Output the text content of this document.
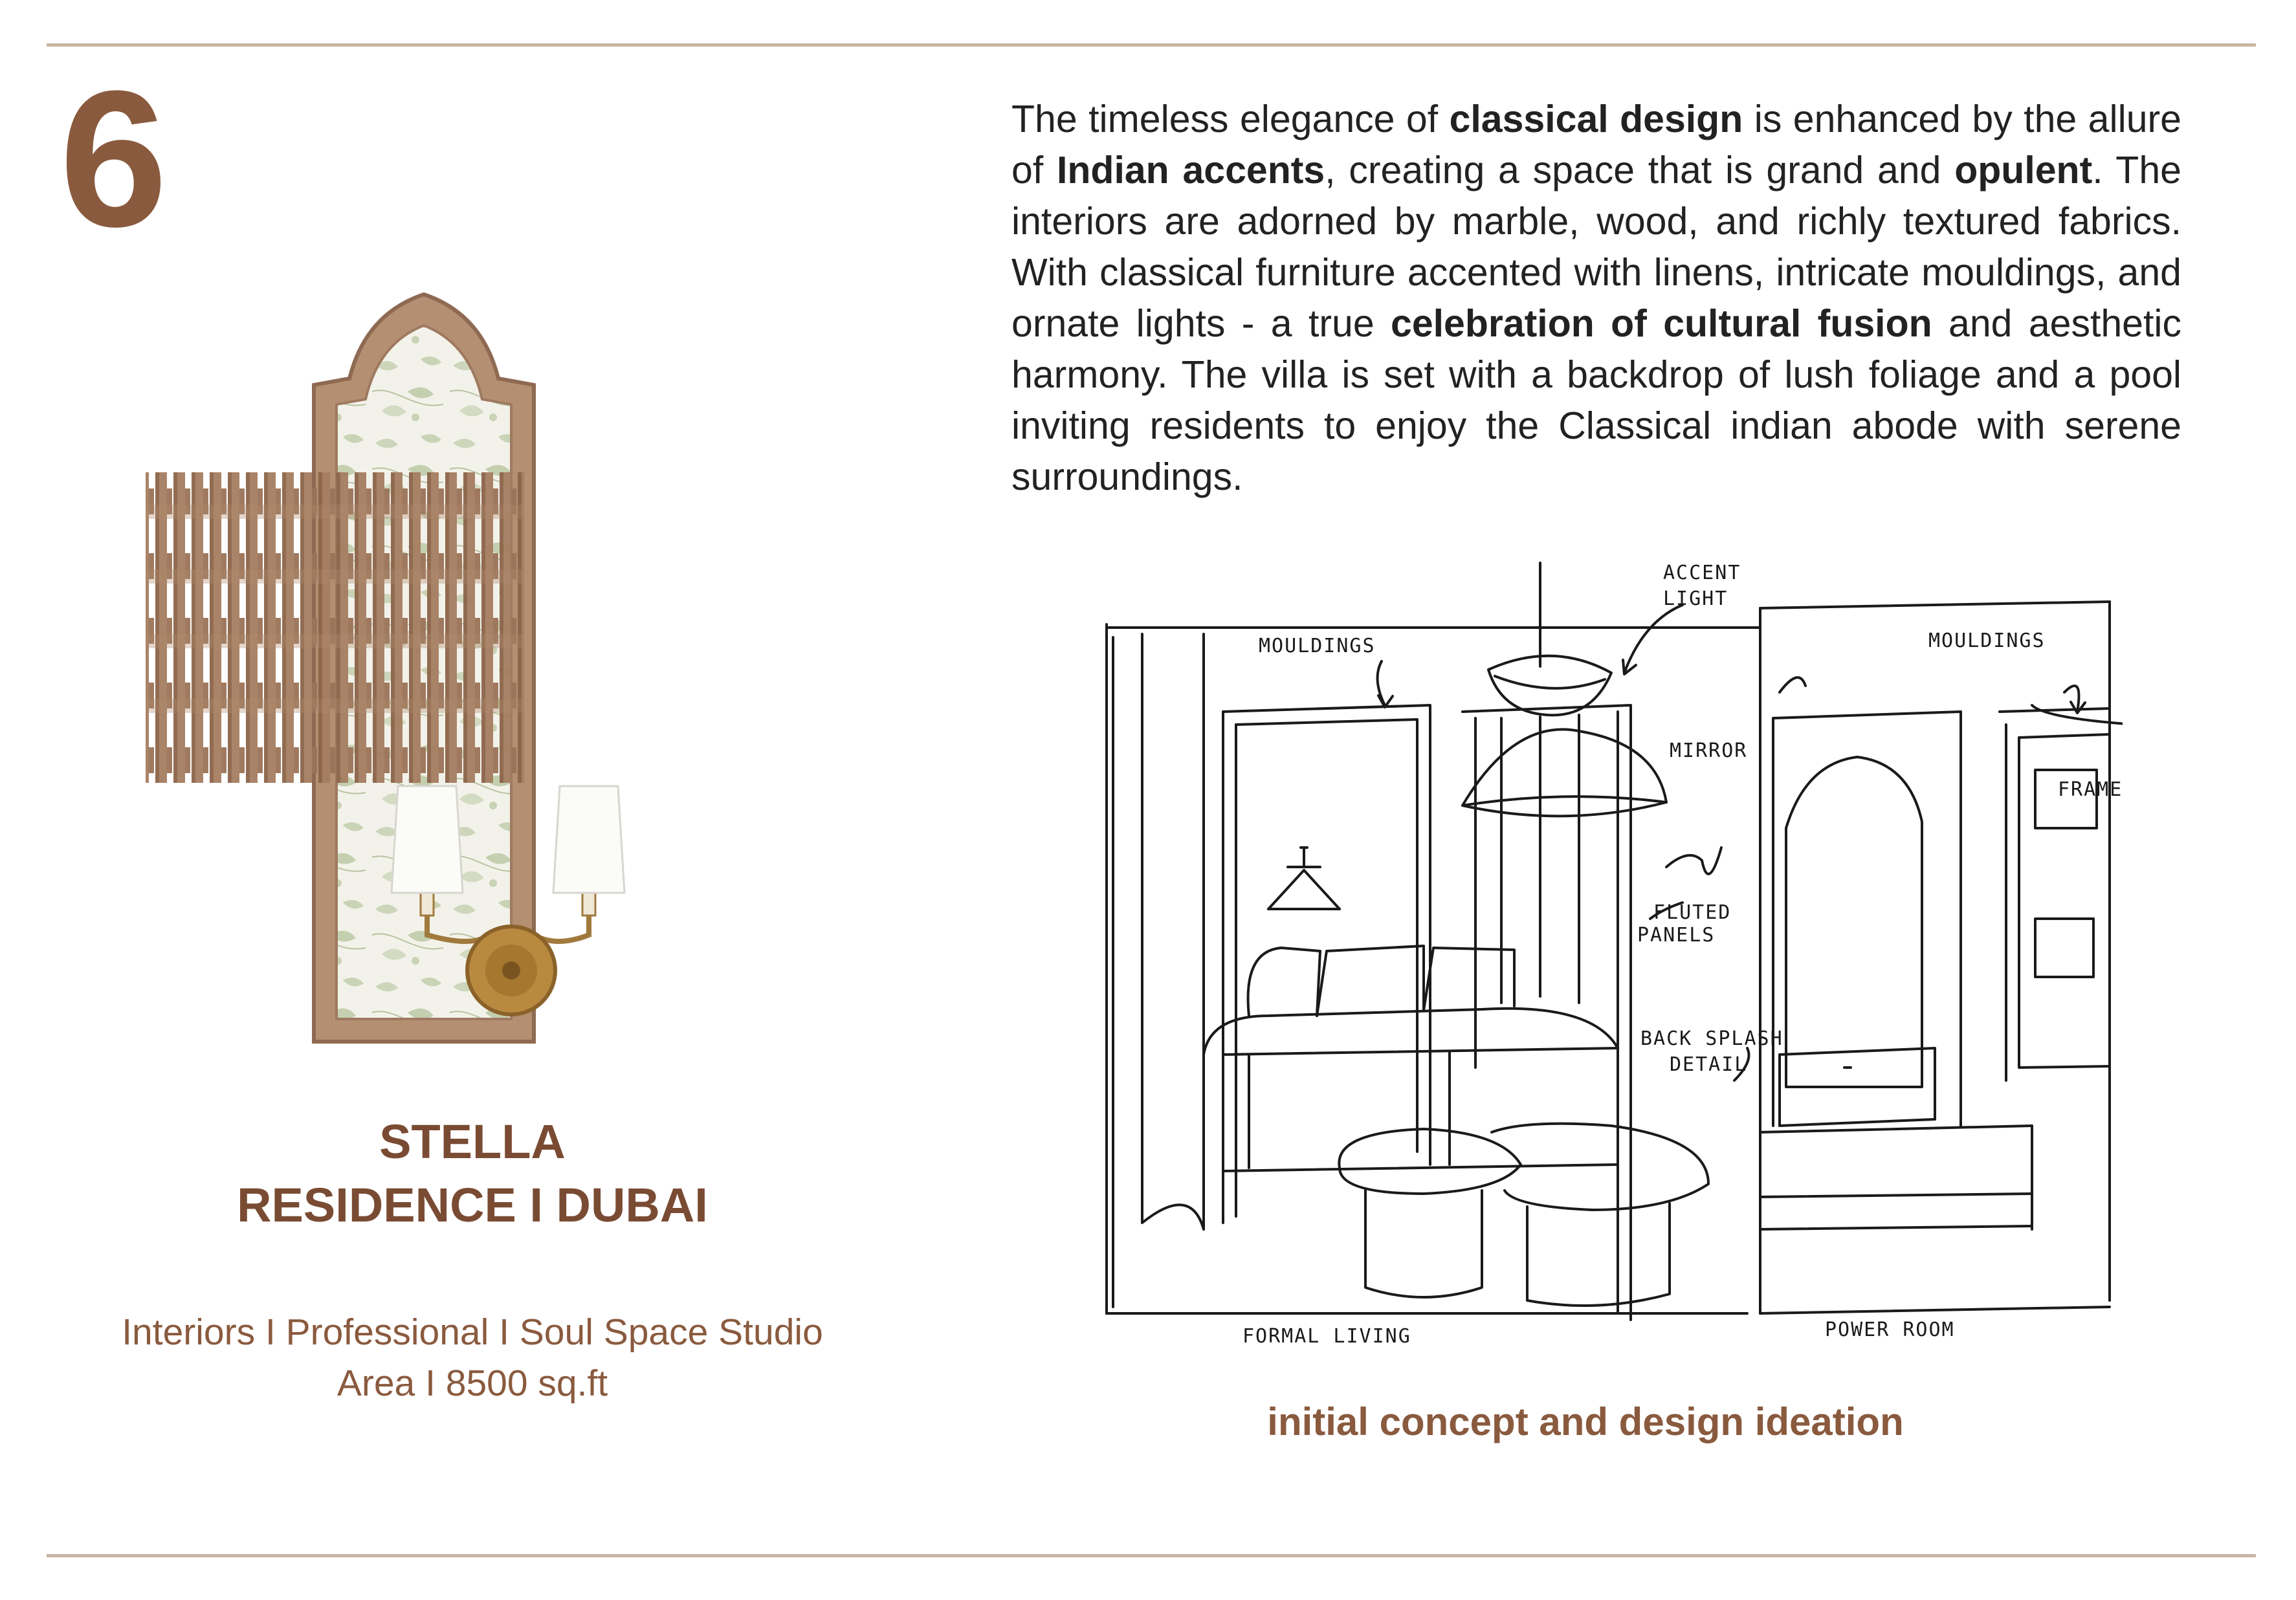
6
STELLA
RESIDENCE I DUBAI
Interiors I Professional I Soul Space Studio
Area I 8500 sq.ft
The timeless elegance of classical design is enhanced by the allure of Indian accents, creating a space that is grand and opulent. The interiors are adorned by marble, wood, and richly textured fabrics. With classical furniture accented with linens, intricate mouldings, and ornate lights - a true celebration of cultural fusion and aesthetic harmony. The villa is set with a backdrop of lush foliage and a pool inviting residents to enjoy the Classical indian abode with serene surroundings.
ACCENT
LIGHT
MOULDINGS	MOULDINGS
MIRROR
FRAME
FLUTED
PANELS
BACK SPLASH
DETAIL
FORMAL LIVING	POWER ROOM
initial concept and design ideation
